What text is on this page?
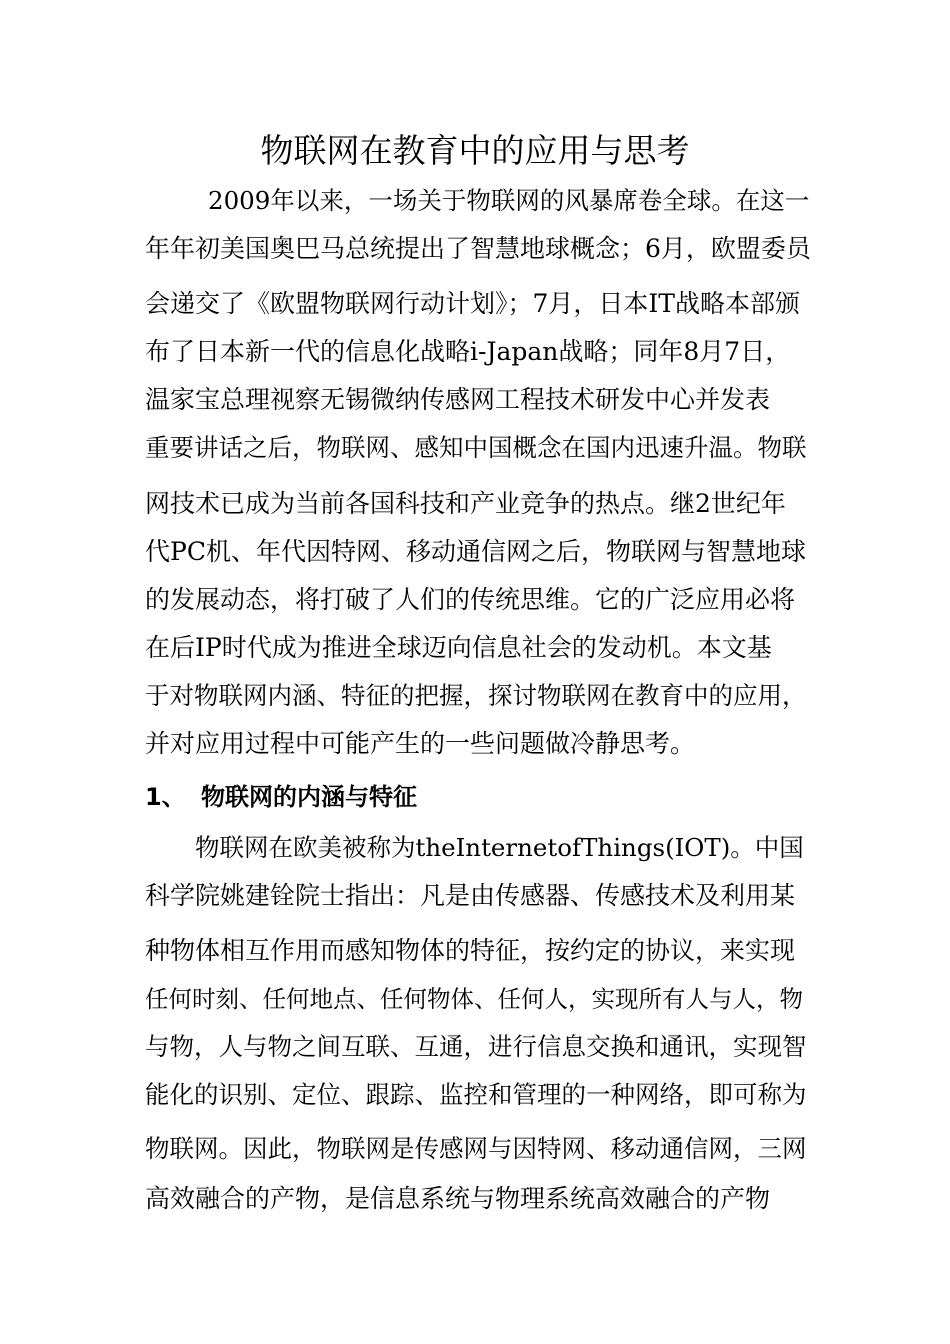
物联网在教育中的应用与思考
2009年以来，一场关于物联网的风暴席卷全球。在这一
年年初美国奥巴马总统提出了智慧地球概念；6月，欧盟委员
会递交了《欧盟物联网行动计划》；7月，日本IT战略本部颁
布了日本新一代的信息化战略i-Japan战略；同年8月7日，
温家宝总理视察无锡微纳传感网工程技术研发中心并发表
重要讲话之后，物联网、感知中国概念在国内迅速升温。物联
网技术已成为当前各国科技和产业竞争的热点。继2世纪年
代PC机、年代因特网、移动通信网之后，物联网与智慧地球
的发展动态，将打破了人们的传统思维。它的广泛应用必将
在后IP时代成为推进全球迈向信息社会的发动机。本文基
于对物联网内涵、特征的把握，探讨物联网在教育中的应用，
并对应用过程中可能产生的一些问题做冷静思考。
1、 物联网的内涵与特征
物联网在欧美被称为theInternetofThings(IOT)。中国
科学院姚建铨院士指出：凡是由传感器、传感技术及利用某
种物体相互作用而感知物体的特征，按约定的协议，来实现
任何时刻、任何地点、任何物体、任何人，实现所有人与人，物
与物，人与物之间互联、互通，进行信息交换和通讯，实现智
能化的识别、定位、跟踪、监控和管理的一种网络，即可称为
物联网。因此，物联网是传感网与因特网、移动通信网，三网
高效融合的产物，是信息系统与物理系统高效融合的产物
